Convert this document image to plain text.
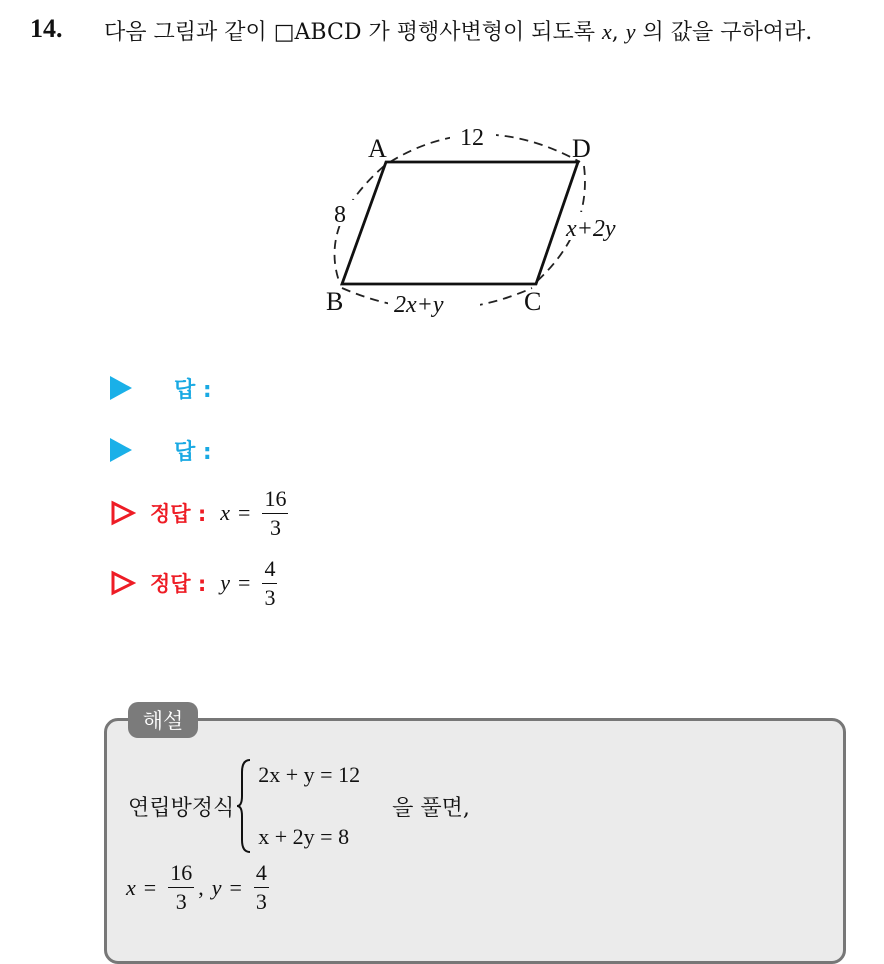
14. 다음 그림과 같이 □ABCD 가 평행사변형이 되도록 x, y 의 값을 구하여라.
12
A	D
8
x+2y
B	C
2x+y
답 :
답 :
정답 : $x = \frac{16}{3}$
정답 : $y = \frac{4}{3}$
해설
연립방정식
2x + y = 12
x + 2y = 8
을 풀면,
$x = \frac{16}{3}$ , $y = \frac{4}{3}$
